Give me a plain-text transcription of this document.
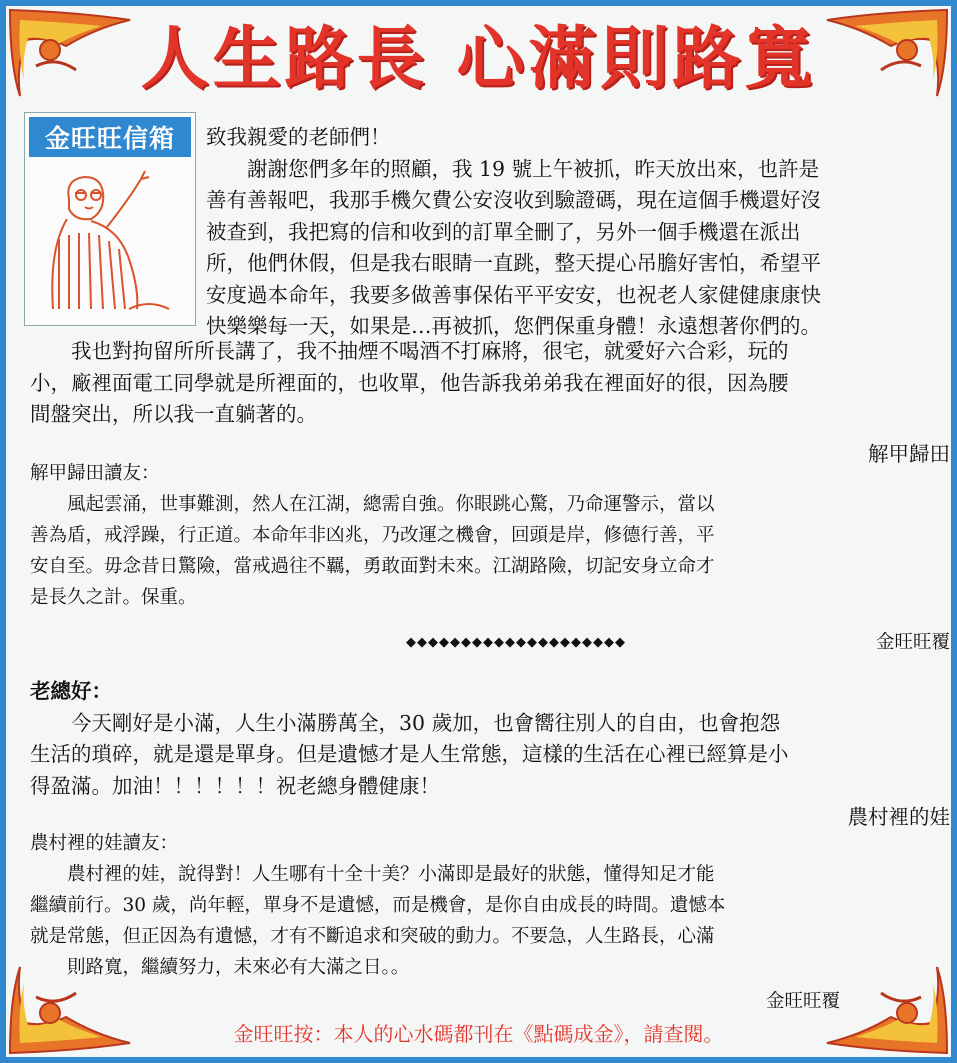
人生路長 心滿則路寬
金旺旺信箱	致我親愛的老師們！
謝謝您們多年的照顧，我 19 號上午被抓，昨天放出來，也許是
善有善報吧，我那手機欠費公安沒收到驗證碼，現在這個手機還好沒
被查到，我把寫的信和收到的訂單全刪了，另外一個手機還在派出
所，他們休假，但是我右眼睛一直跳，整天提心吊膽好害怕，希望平
安度過本命年，我要多做善事保佑平平安安，也祝老人家健健康康快
快樂樂每一天，如果是…再被抓，您們保重身體！永遠想著你們的。
我也對拘留所所長講了，我不抽煙不喝酒不打麻將，很宅，就愛好六合彩，玩的
小，廠裡面電工同學就是所裡面的，也收單，他告訴我弟弟我在裡面好的很，因為腰
間盤突出，所以我一直躺著的。
解甲歸田
解甲歸田讀友：
風起雲涌，世事難測，然人在江湖，總需自強。你眼跳心驚，乃命運警示，當以
善為盾，戒浮躁，行正道。本命年非凶兆，乃改運之機會，回頭是岸，修德行善，平
安自至。毋念昔日驚險，當戒過往不羈，勇敢面對未來。江湖路險，切記安身立命才
是長久之計。保重。
金旺旺覆
◆◆◆◆◆◆◆◆◆◆◆◆◆◆◆◆◆◆◆◆
老總好：
今天剛好是小滿，人生小滿勝萬全，30 歲加，也會嚮往別人的自由，也會抱怨
生活的瑣碎，就是還是單身。但是遺憾才是人生常態，這樣的生活在心裡已經算是小
得盈滿。加油！！！！！！祝老總身體健康！
農村裡的娃
農村裡的娃讀友：
農村裡的娃，說得對！人生哪有十全十美？小滿即是最好的狀態，懂得知足才能
繼續前行。30 歲，尚年輕，單身不是遺憾，而是機會，是你自由成長的時間。遺憾本
就是常態，但正因為有遺憾，才有不斷追求和突破的動力。不要急，人生路長，心滿
則路寬，繼續努力，未來必有大滿之日。。
金旺旺覆
金旺旺按：本人的心水碼都刊在《點碼成金》，請查閱。
